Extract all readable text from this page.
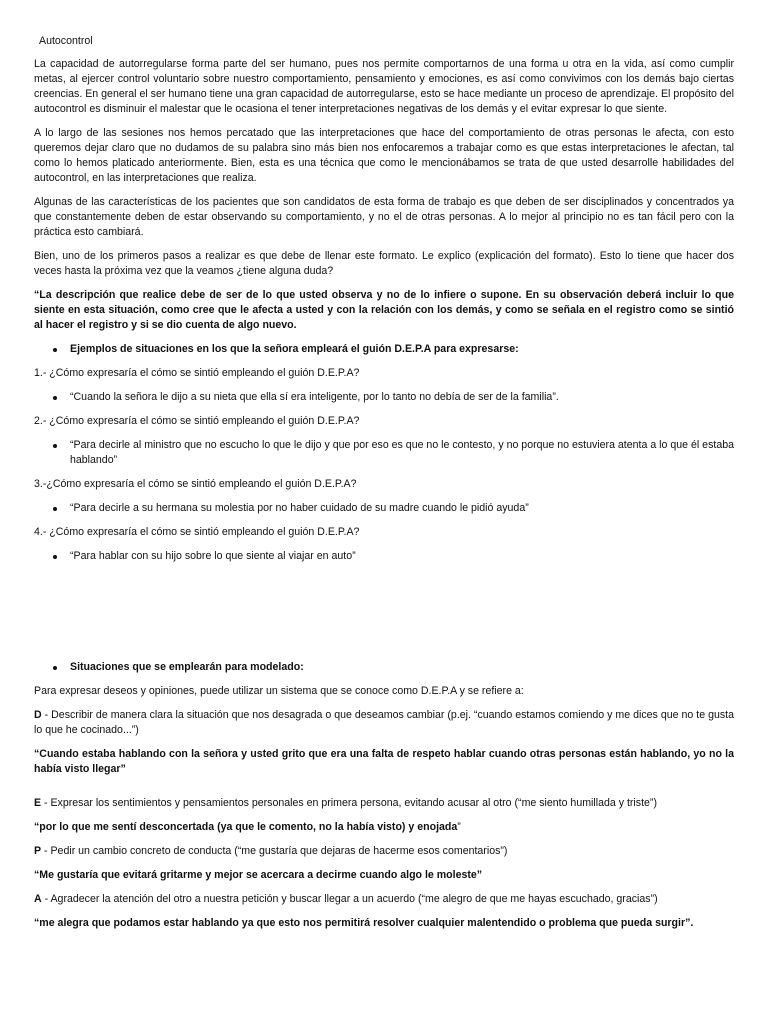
Autocontrol

La capacidad de autorregularse forma parte del ser humano, pues nos permite comportarnos de una forma u otra en la vida, así como cumplir metas, al ejercer control voluntario sobre nuestro comportamiento, pensamiento y emociones, es así como convivimos con los demás bajo ciertas creencias. En general el ser humano tiene una gran capacidad de autorregularse, esto se hace mediante un proceso de aprendizaje. El propósito del autocontrol es disminuir el malestar que le ocasiona el tener interpretaciones negativas de los demás y el evitar expresar lo que siente.

A lo largo de las sesiones nos hemos percatado que las interpretaciones que hace del comportamiento de otras personas le afecta, con esto queremos dejar claro que no dudamos de su palabra sino más bien nos enfocaremos a trabajar como es que estas interpretaciones le afectan, tal como lo hemos platicado anteriormente. Bien, esta es una técnica que como le mencionábamos se trata de que usted desarrolle habilidades del autocontrol, en las interpretaciones que realiza.

Algunas de las características de los pacientes que son candidatos de esta forma de trabajo es que deben de ser disciplinados y concentrados ya que constantemente deben de estar observando su comportamiento, y no el de otras personas. A lo mejor al principio no es tan fácil pero con la práctica esto cambiará.

Bien, uno de los primeros pasos a realizar es que debe de llenar este formato. Le explico (explicación del formato). Esto lo tiene que hacer dos veces hasta la próxima vez que la veamos ¿tiene alguna duda?

“La descripción que realice debe de ser de lo que usted observa y no de lo infiere o supone. En su observación deberá incluir lo que siente en esta situación, como cree que le afecta a usted y con la relación con los demás, y como se señala en el registro como se sintió al hacer el registro y si se dio cuenta de algo nuevo.

Ejemplos de situaciones en los que la señora empleará el guión D.E.P.A para expresarse:

1.- ¿Cómo expresaría el cómo se sintió empleando el guión D.E.P.A?

“Cuando la señora le dijo a su nieta que ella sí era inteligente, por lo tanto no debía de ser de la familia”.

2.- ¿Cómo expresaría el cómo se sintió empleando el guión D.E.P.A?

“Para decirle al ministro que no escucho lo que le dijo y que por eso es que no le contesto, y no porque no estuviera atenta a lo que él estaba hablando”

3.-¿Cómo expresaría el cómo se sintió empleando el guión D.E.P.A?

“Para decirle a su hermana su molestia por no haber cuidado de su madre cuando le pidió ayuda”

4.- ¿Cómo expresaría el cómo se sintió empleando el guión D.E.P.A?

“Para hablar con su hijo sobre lo que siente al viajar en auto”
Situaciones que se emplearán para modelado:

Para expresar deseos y opiniones, puede utilizar un sistema que se conoce como D.E.P.A y se refiere a:

D - Describir de manera clara la situación que nos desagrada o que deseamos cambiar (p.ej. “cuando estamos comiendo y me dices que no te gusta lo que he cocinado...”)

“Cuando estaba hablando con la señora y usted grito que era una falta de respeto hablar cuando otras personas están hablando, yo no la había visto llegar”

E - Expresar los sentimientos y pensamientos personales en primera persona, evitando acusar al otro (“me siento humillada y triste”)

“por lo que me sentí desconcertada (ya que le comento, no la había visto) y enojada”

P - Pedir un cambio concreto de conducta (“me gustaría que dejaras de hacerme esos comentarios”)

“Me gustaría que evitará gritarme y mejor se acercara a decirme cuando algo le moleste”

A - Agradecer la atención del otro a nuestra petición y buscar llegar a un acuerdo (“me alegro de que me hayas escuchado, gracias”)

“me alegra que podamos estar hablando ya que esto nos permitirá resolver cualquier malentendido o problema que pueda surgir”.
